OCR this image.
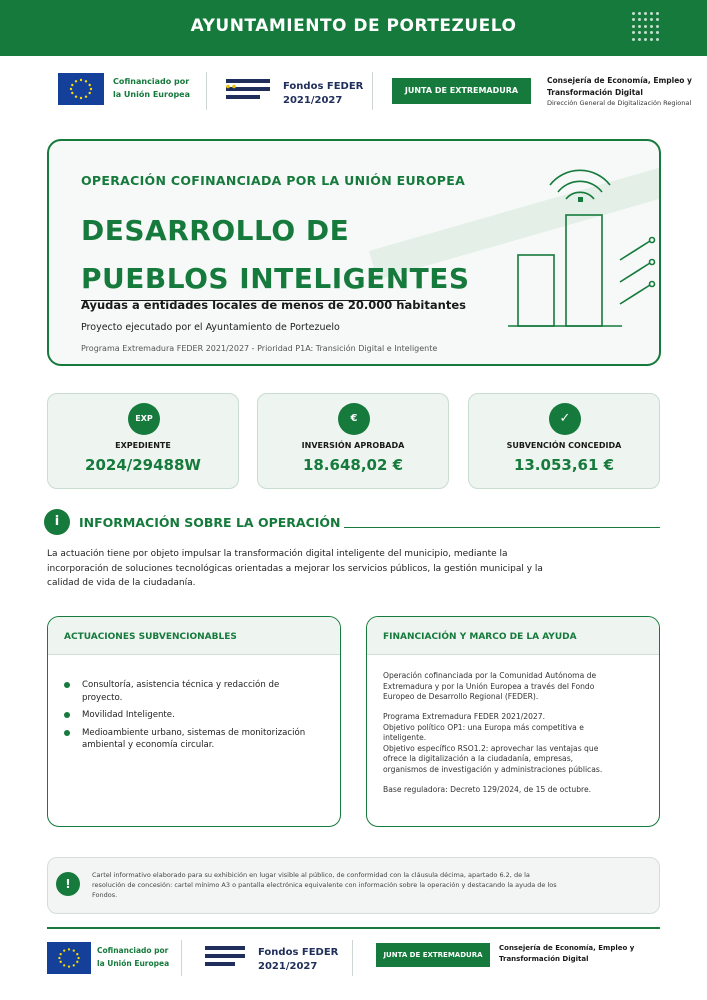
AYUNTAMIENTO DE PORTEZUELO
Cofinanciado por
la Unión Europea
Fondos FEDER
2021/2027
JUNTA DE EXTREMADURA
Consejería de Economía, Empleo y
Transformación Digital
Dirección General de Digitalización Regional
OPERACIÓN COFINANCIADA POR LA UNIÓN EUROPEA
DESARROLLO DE
PUEBLOS INTELIGENTES
Ayudas a entidades locales de menos de 20.000 habitantes
Proyecto ejecutado por el Ayuntamiento de Portezuelo
Programa Extremadura FEDER 2021/2027 - Prioridad P1A: Transición Digital e Inteligente
EXP
EXPEDIENTE
2024/29488W
€
INVERSIÓN APROBADA
18.648,02 €
✓
SUBVENCIÓN CONCEDIDA
13.053,61 €
i	INFORMACIÓN SOBRE LA OPERACIÓN
La actuación tiene por objeto impulsar la transformación digital inteligente del municipio, mediante la
incorporación de soluciones tecnológicas orientadas a mejorar los servicios públicos, la gestión municipal y la
calidad de vida de la ciudadanía.
ACTUACIONES SUBVENCIONABLES
Consultoría, asistencia técnica y redacción de proyecto.
Movilidad Inteligente.
Medioambiente urbano, sistemas de monitorización ambiental y economía circular.
FINANCIACIÓN Y MARCO DE LA AYUDA
Operación cofinanciada por la Comunidad Autónoma de Extremadura y por la Unión Europea a través del Fondo Europeo de Desarrollo Regional (FEDER).
Programa Extremadura FEDER 2021/2027.
Objetivo político OP1: una Europa más competitiva e inteligente.
Objetivo específico RSO1.2: aprovechar las ventajas que ofrece la digitalización a la ciudadanía, empresas, organismos de investigación y administraciones públicas.
Base reguladora: Decreto 129/2024, de 15 de octubre.
!
Cartel informativo elaborado para su exhibición en lugar visible al público, de conformidad con la cláusula décima, apartado 6.2, de la resolución de concesión: cartel mínimo A3 o pantalla electrónica equivalente con información sobre la operación y destacando la ayuda de los Fondos.
Cofinanciado por
la Unión Europea
Fondos FEDER
2021/2027
JUNTA DE EXTREMADURA
Consejería de Economía, Empleo y
Transformación Digital
